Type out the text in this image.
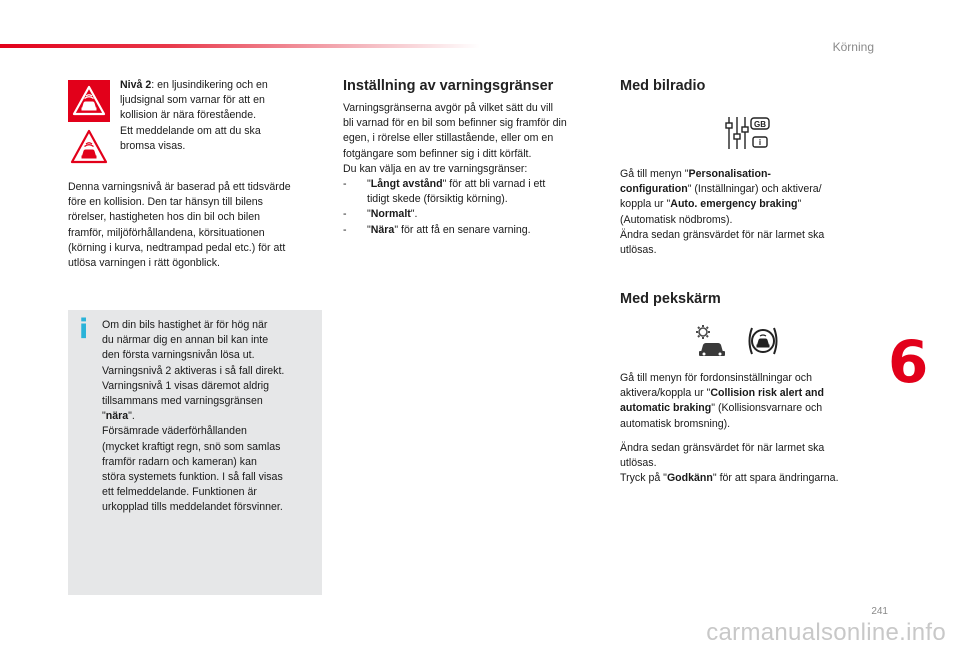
Körning
6
Nivå 2: en ljusindikering och en
ljudsignal som varnar för att en
kollision är nära förestående.
Ett meddelande om att du ska
bromsa visas.
Denna varningsnivå är baserad på ett tidsvärde
före en kollision. Den tar hänsyn till bilens
rörelser, hastigheten hos din bil och bilen
framför, miljöförhållandena, körsituationen
(körning i kurva, nedtrampad pedal etc.) för att
utlösa varningen i rätt ögonblick.
i Om din bils hastighet är för hög när
du närmar dig en annan bil kan inte
den första varningsnivån lösa ut.
Varningsnivå 2 aktiveras i så fall direkt.
Varningsnivå 1 visas däremot aldrig
tillsammans med varningsgränsen
"nära".
Försämrade väderförhållanden
(mycket kraftigt regn, snö som samlas
framför radarn och kameran) kan
störa systemets funktion. I så fall visas
ett felmeddelande. Funktionen är
urkopplad tills meddelandet försvinner.
Inställning av varningsgränser
Varningsgränserna avgör på vilket sätt du vill
bli varnad för en bil som befinner sig framför din
egen, i rörelse eller stillastående, eller om en
fotgängare som befinner sig i ditt körfält.
Du kan välja en av tre varningsgränser:
-	"Långt avstånd" för att bli varnad i ett
tidigt skede (försiktig körning).
-	"Normalt".
-	"Nära" för att få en senare varning.
Med bilradio
GB
i
Gå till menyn "Personalisation-
configuration" (Inställningar) och aktivera/
koppla ur "Auto. emergency braking"
(Automatisk nödbroms).
Ändra sedan gränsvärdet för när larmet ska
utlösas.
Med pekskärm
Gå till menyn för fordonsinställningar och
aktivera/koppla ur "Collision risk alert and
automatic braking" (Kollisionsvarnare och
automatisk bromsning).
Ändra sedan gränsvärdet för när larmet ska
utlösas.
Tryck på "Godkänn" för att spara ändringarna.
241
carmanualsonline.info
